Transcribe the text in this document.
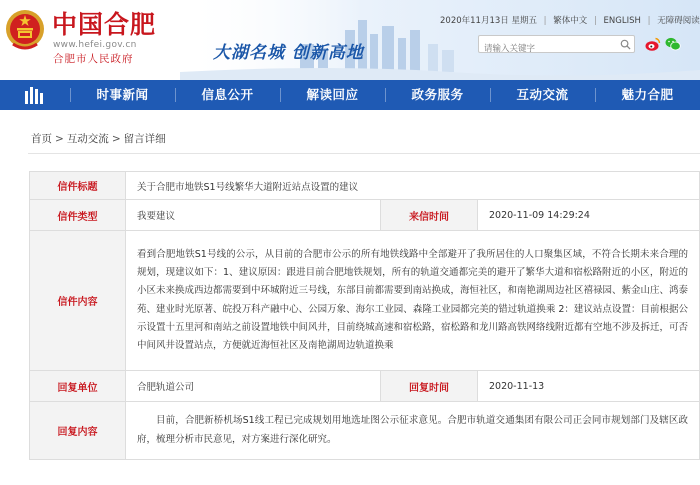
中国合肥
www.hefei.gov.cn
合肥市人民政府	大湖名城 创新高地
2020年11月13日 星期五 | 繁体中文 | ENGLISH | 无障碍阅读
请输入关键字
时事新闻	信息公开	解读回应	政务服务	互动交流	魅力合肥
首页 > 互动交流 > 留言详细
信件标题	关于合肥市地铁S1号线繁华大道附近站点设置的建议		
信件类型	我要建议	来信时间	2020-11-09 14:29:24
信件内容	看到合肥地铁S1号线的公示，从目前的合肥市公示的所有地铁线路中全部避开了我所居住的人口聚集区域，不符合长期未来合理的规划，现建议如下：1、建议原因：跟进目前合肥地铁规划，所有的轨道交通都完美的避开了繁华大道和宿松路附近的小区，附近的小区未来换成西边都需要到中环城附近三号线，东部目前都需要到南站换成，海恒社区，和南艳湖周边社区禧禄园、紫金山庄、鸿泰苑、建业时光原著、皖投万科产融中心、公园万象、海尔工业园、森隆工业园都完美的错过轨道换乘 2：建议站点设置：目前根据公示设置十五里河和南站之前设置地铁中间风井，目前绕城高速和宿松路，宿松路和龙川路高铁网络线附近都有空地不涉及拆迁，可否中间风井设置站点，方便就近海恒社区及南艳湖周边轨道换乘		
回复单位	合肥轨道公司	回复时间	2020-11-13
回复内容	目前，合肥新桥机场S1线工程已完成规划用地选址图公示征求意见。合肥市轨道交通集团有限公司正会同市规划部门及辖区政府，梳理分析市民意见，对方案进行深化研究。		
